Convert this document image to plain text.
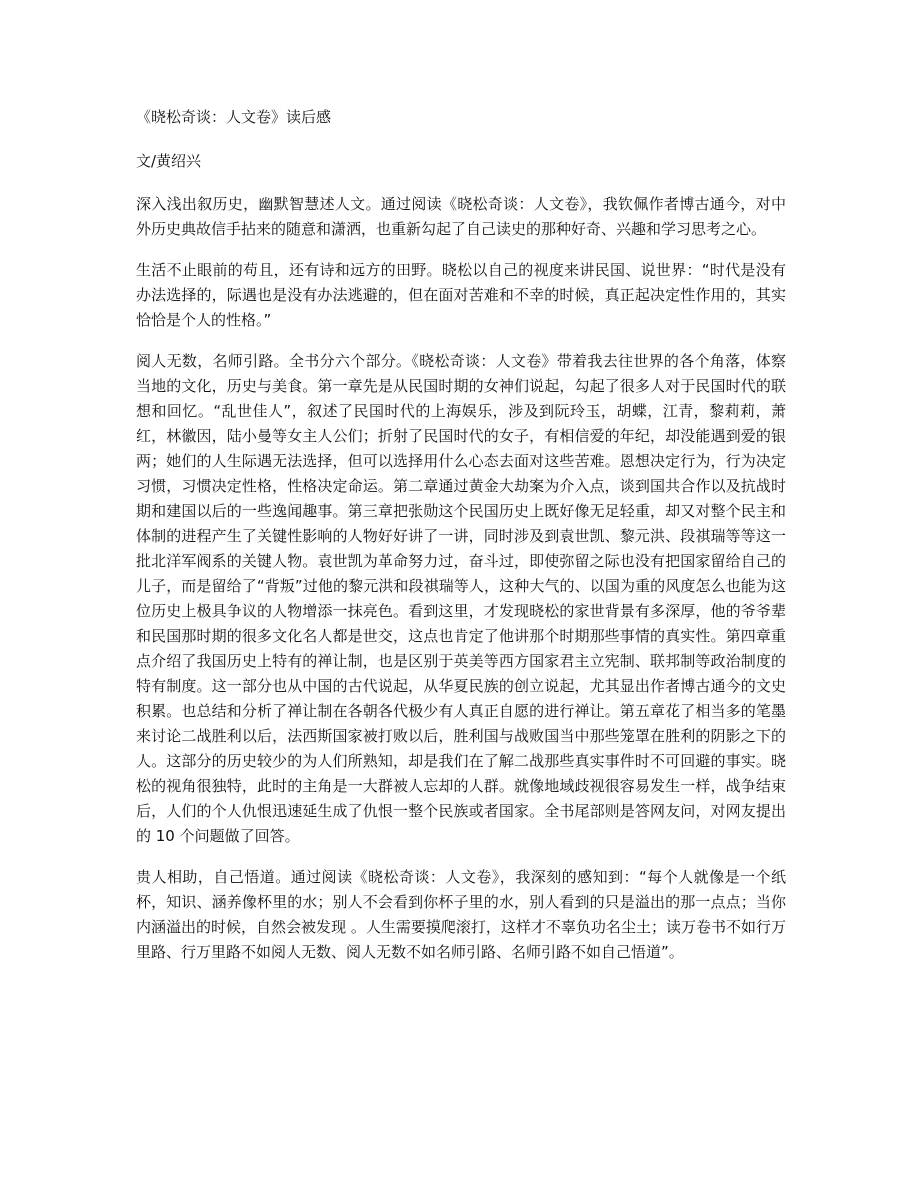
《晓松奇谈：人文卷》读后感
文/黄绍兴

深入浅出叙历史，幽默智慧述人文。通过阅读《晓松奇谈：人文卷》，我钦佩作者博古通今，对中外历史典故信手拈来的随意和潇洒，也重新勾起了自己读史的那种好奇、兴趣和学习思考之心。

生活不止眼前的苟且，还有诗和远方的田野。晓松以自己的视度来讲民国、说世界：“时代是没有办法选择的，际遇也是没有办法逃避的，但在面对苦难和不幸的时候，真正起决定性作用的，其实恰恰是个人的性格。”

阅人无数，名师引路。全书分六个部分。《晓松奇谈：人文卷》带着我去往世界的各个角落，体察当地的文化，历史与美食。第一章先是从民国时期的女神们说起，勾起了很多人对于民国时代的联想和回忆。“乱世佳人”，叙述了民国时代的上海娱乐，涉及到阮玲玉，胡蝶，江青，黎莉莉，萧红，林徽因，陆小曼等女主人公们；折射了民国时代的女子，有相信爱的年纪，却没能遇到爱的银两；她们的人生际遇无法选择，但可以选择用什么心态去面对这些苦难。恩想决定行为，行为决定习惯，习惯决定性格，性格决定命运。第二章通过黄金大劫案为介入点，谈到国共合作以及抗战时期和建国以后的一些逸闻趣事。第三章把张勋这个民国历史上既好像无足轻重，却又对整个民主和体制的进程产生了关键性影响的人物好好讲了一讲，同时涉及到袁世凯、黎元洪、段祺瑞等等这一批北洋军阀系的关键人物。袁世凯为革命努力过，奋斗过，即使弥留之际也没有把国家留给自己的儿子，而是留给了“背叛”过他的黎元洪和段祺瑞等人，这种大气的、以国为重的风度怎么也能为这位历史上极具争议的人物增添一抹亮色。看到这里，才发现晓松的家世背景有多深厚，他的爷爷辈和民国那时期的很多文化名人都是世交，这点也肯定了他讲那个时期那些事情的真实性。第四章重点介绍了我国历史上特有的禅让制，也是区别于英美等西方国家君主立宪制、联邦制等政治制度的特有制度。这一部分也从中国的古代说起，从华夏民族的创立说起，尤其显出作者博古通今的文史积累。也总结和分析了禅让制在各朝各代极少有人真正自愿的进行禅让。第五章花了相当多的笔墨来讨论二战胜利以后，法西斯国家被打败以后，胜利国与战败国当中那些笼罩在胜利的阴影之下的人。这部分的历史较少的为人们所熟知，却是我们在了解二战那些真实事件时不可回避的事实。晓松的视角很独特，此时的主角是一大群被人忘却的人群。就像地域歧视很容易发生一样，战争结束后，人们的个人仇恨迅速延生成了仇恨一整个民族或者国家。全书尾部则是答网友问，对网友提出的 10 个问题做了回答。

贵人相助，自己悟道。通过阅读《晓松奇谈：人文卷》，我深刻的感知到：“每个人就像是一个纸杯，知识、涵养像杯里的水；别人不会看到你杯子里的水，别人看到的只是溢出的那一点点；当你内涵溢出的时候，自然会被发现 。人生需要摸爬滚打，这样才不辜负功名尘土；读万卷书不如行万里路、行万里路不如阅人无数、阅人无数不如名师引路、名师引路不如自己悟道”。
